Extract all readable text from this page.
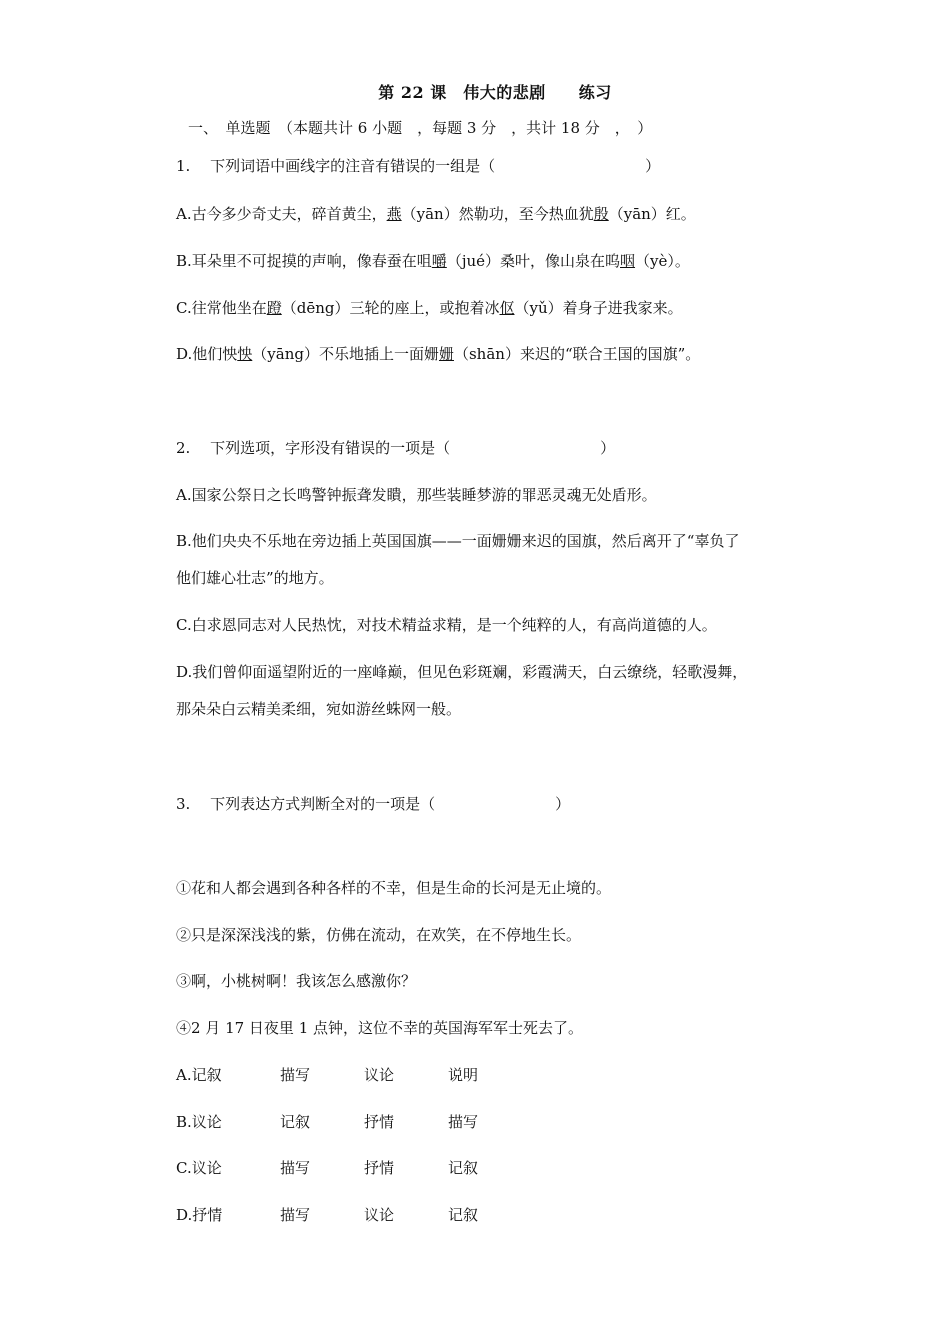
第 22 课　伟大的悲剧　　练习
一、　单选题　（本题共计 6 小题　，每题 3 分　，共计 18 分　，　）
1.　 下列词语中画线字的注音有错误的一组是（　　　　　　　　　　）
A.古今多少奇丈夫，碎首黄尘，燕（yān）然勒功，至今热血犹殷（yān）红。
B.耳朵里不可捉摸的声响，像春蚕在咀嚼（jué）桑叶，像山泉在呜咽（yè）。
C.往常他坐在蹬（dēng）三轮的座上，或抱着冰伛（yǔ）着身子进我家来。
D.他们怏怏（yāng）不乐地插上一面姗姗（shān）来迟的“联合王国的国旗”。
2.　 下列选项，字形没有错误的一项是（　　　　　　　　　　）
A.国家公祭日之长鸣警钟振聋发瞶，那些装睡梦游的罪恶灵魂无处盾形。
B.他们央央不乐地在旁边插上英国国旗——一面姗姗来迟的国旗，然后离开了“辜负了
他们雄心壮志”的地方。
C.白求恩同志对人民热忱，对技术精益求精，是一个纯粹的人，有高尚道德的人。
D.我们曾仰面遥望附近的一座峰巅，但见色彩斑斓，彩霞满天，白云缭绕，轻歌漫舞，
那朵朵白云精美柔细，宛如游丝蛛网一般。
3.　 下列表达方式判断全对的一项是（　　　　　　　　）
①花和人都会遇到各种各样的不幸，但是生命的长河是无止境的。
②只是深深浅浅的紫，仿佛在流动，在欢笑，在不停地生长。
③啊，小桃树啊！我该怎么感激你？
④2 月 17 日夜里 1 点钟，这位不幸的英国海军军士死去了。
A.记叙	描写	议论	说明
B.议论	记叙	抒情	描写
C.议论	描写	抒情	记叙
D.抒情	描写	议论	记叙
